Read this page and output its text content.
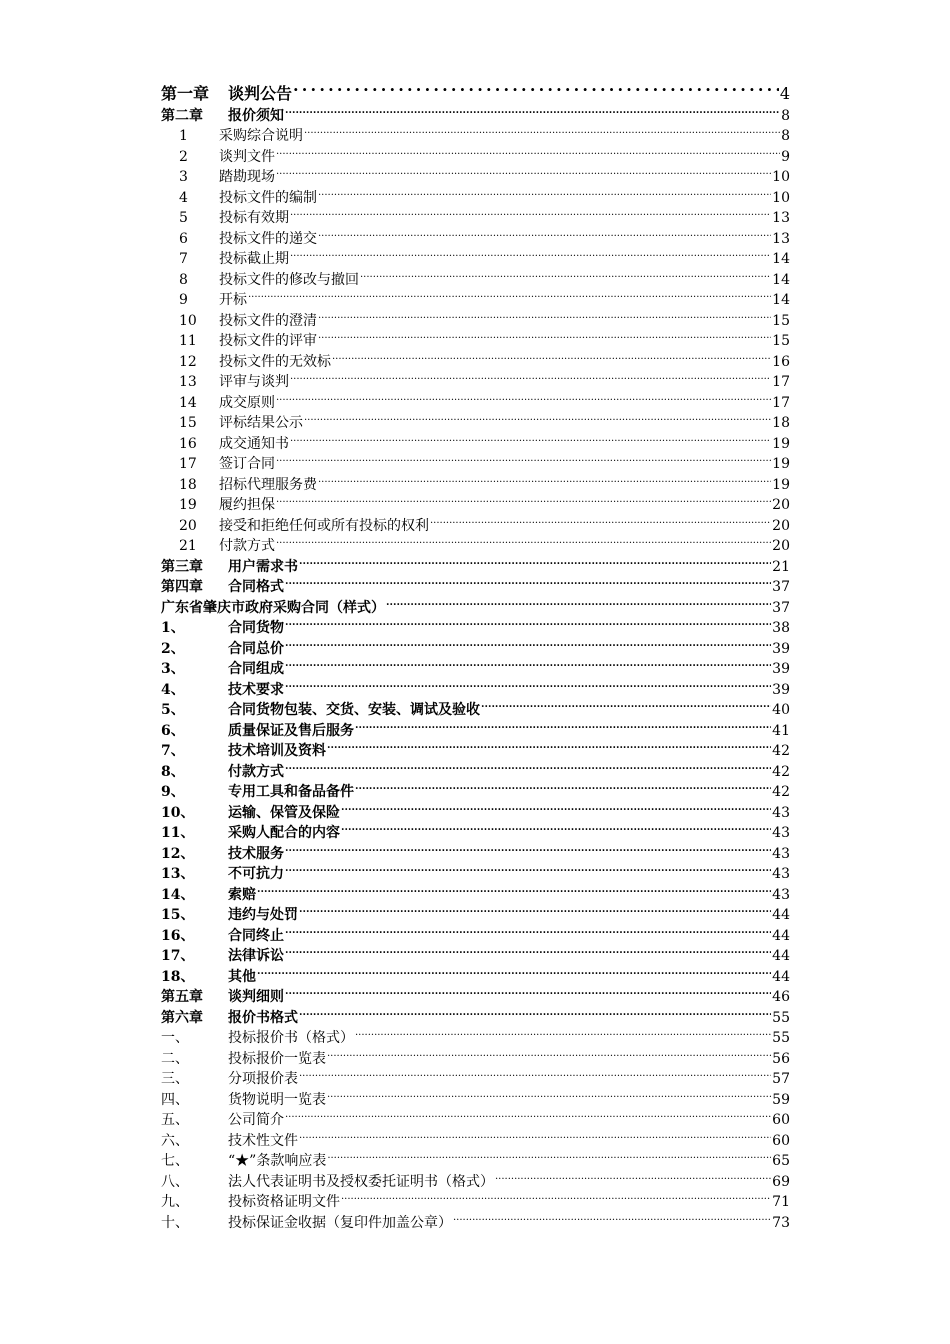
第一章	谈判公告 .....	4
第二章	报价须知 .....	8
1	采购综合说明 .....	8
2	谈判文件 .....	9
3	踏勘现场 .....	10
4	投标文件的编制 .....	10
5	投标有效期 .....	13
6	投标文件的递交 .....	13
7	投标截止期 .....	14
8	投标文件的修改与撤回 .....	14
9	开标 .....	14
10	投标文件的澄清 .....	15
11	投标文件的评审 .....	15
12	投标文件的无效标 .....	16
13	评审与谈判 .....	17
14	成交原则 .....	17
15	评标结果公示 .....	18
16	成交通知书 .....	19
17	签订合同 .....	19
18	招标代理服务费 .....	19
19	履约担保 .....	20
20	接受和拒绝任何或所有投标的权利 .....	20
21	付款方式 .....	20
第三章	用户需求书 .....	21
第四章	合同格式 .....	37
广东省肇庆市政府采购合同（样式） .....	37
1、	合同货物 .....	38
2、	合同总价 .....	39
3、	合同组成 .....	39
4、	技术要求 .....	39
5、	合同货物包装、交货、安装、调试及验收 .....	40
6、	质量保证及售后服务 .....	41
7、	技术培训及资料 .....	42
8、	付款方式 .....	42
9、	专用工具和备品备件 .....	42
10、	运输、保管及保险 .....	43
11、	采购人配合的内容 .....	43
12、	技术服务 .....	43
13、	不可抗力 .....	43
14、	索赔 .....	43
15、	违约与处罚 .....	44
16、	合同终止 .....	44
17、	法律诉讼 .....	44
18、	其他 .....	44
第五章	谈判细则 .....	46
第六章	报价书格式 .....	55
一、	投标报价书（格式） .....	55
二、	投标报价一览表 .....	56
三、	分项报价表 .....	57
四、	货物说明一览表 .....	59
五、	公司简介 .....	60
六、	技术性文件 .....	60
七、	“★”条款响应表 .....	65
八、	法人代表证明书及授权委托证明书（格式） .....	69
九、	投标资格证明文件 .....	71
十、	投标保证金收据（复印件加盖公章） .....	73
